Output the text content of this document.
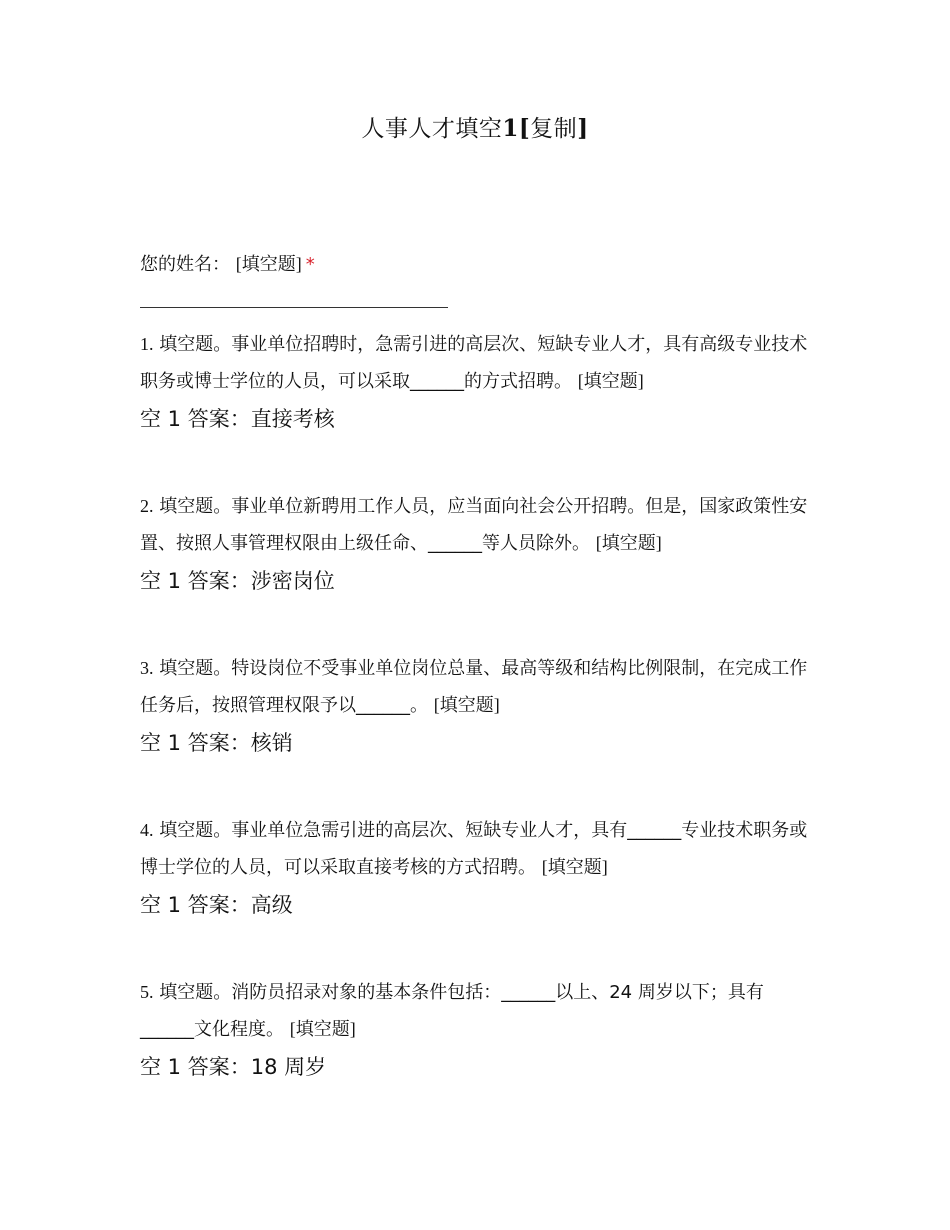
人事人才填空1[复制]
您的姓名： [填空题] *

1. 填空题。事业单位招聘时，急需引进的高层次、短缺专业人才，具有高级专业技术职务或博士学位的人员，可以采取______的方式招聘。 [填空题]

空 1 答案：直接考核

2. 填空题。事业单位新聘用工作人员，应当面向社会公开招聘。但是，国家政策性安置、按照人事管理权限由上级任命、______等人员除外。 [填空题]

空 1 答案：涉密岗位

3. 填空题。特设岗位不受事业单位岗位总量、最高等级和结构比例限制，在完成工作任务后，按照管理权限予以______。 [填空题]

空 1 答案：核销

4. 填空题。事业单位急需引进的高层次、短缺专业人才，具有______专业技术职务或博士学位的人员，可以采取直接考核的方式招聘。 [填空题]

空 1 答案：高级

5. 填空题。消防员招录对象的基本条件包括：______以上、24 周岁以下；具有______文化程度。 [填空题]

空 1 答案：18 周岁
